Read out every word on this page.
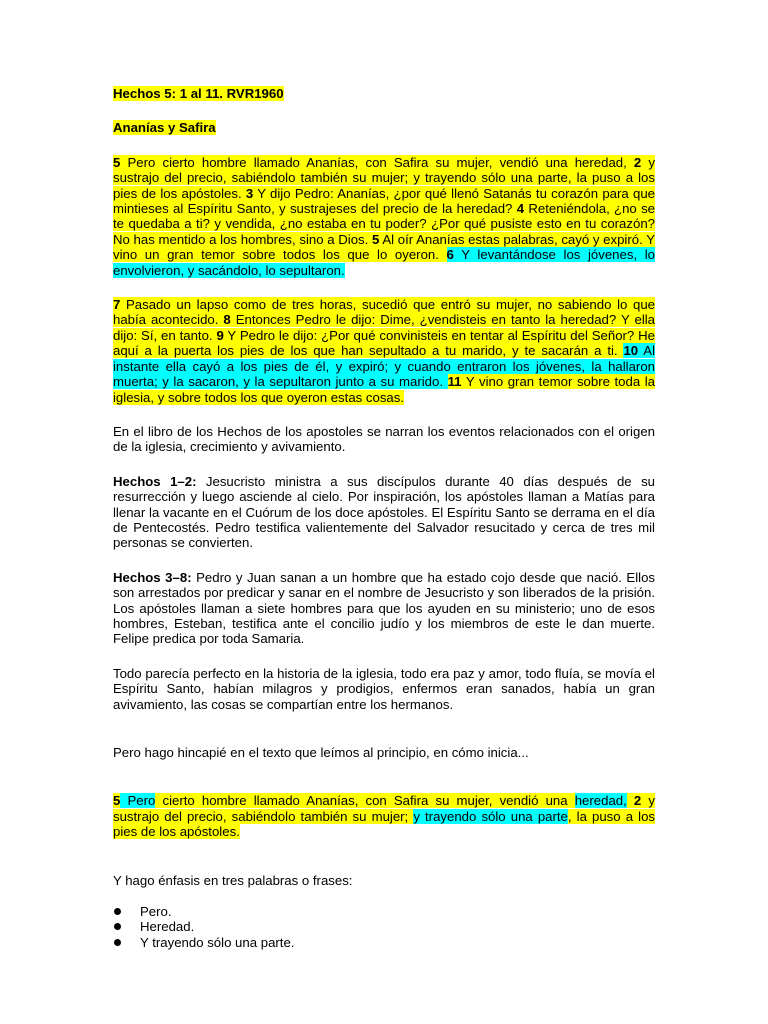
Hechos 5: 1 al 11. RVR1960

Ananías y Safira

5 Pero cierto hombre llamado Ananías, con Safira su mujer, vendió una heredad, 2 y sustrajo del precio, sabiéndolo también su mujer; y trayendo sólo una parte, la puso a los pies de los apóstoles. 3 Y dijo Pedro: Ananías, ¿por qué llenó Satanás tu corazón para que mintieses al Espíritu Santo, y sustrajeses del precio de la heredad? 4 Reteniéndola, ¿no se te quedaba a ti? y vendida, ¿no estaba en tu poder? ¿Por qué pusiste esto en tu corazón? No has mentido a los hombres, sino a Dios. 5 Al oír Ananías estas palabras, cayó y expiró. Y vino un gran temor sobre todos los que lo oyeron. 6 Y levantándose los jóvenes, lo envolvieron, y sacándolo, lo sepultaron.

7 Pasado un lapso como de tres horas, sucedió que entró su mujer, no sabiendo lo que había acontecido. 8 Entonces Pedro le dijo: Dime, ¿vendisteis en tanto la heredad? Y ella dijo: Sí, en tanto. 9 Y Pedro le dijo: ¿Por qué convinisteis en tentar al Espíritu del Señor? He aquí a la puerta los pies de los que han sepultado a tu marido, y te sacarán a ti. 10 Al instante ella cayó a los pies de él, y expiró; y cuando entraron los jóvenes, la hallaron muerta; y la sacaron, y la sepultaron junto a su marido. 11 Y vino gran temor sobre toda la iglesia, y sobre todos los que oyeron estas cosas.

En el libro de los Hechos de los apostoles se narran los eventos relacionados con el origen de la iglesia, crecimiento y avivamiento.

Hechos 1–2: Jesucristo ministra a sus discípulos durante 40 días después de su resurrección y luego asciende al cielo. Por inspiración, los apóstoles llaman a Matías para llenar la vacante en el Cuórum de los doce apóstoles. El Espíritu Santo se derrama en el día de Pentecostés. Pedro testifica valientemente del Salvador resucitado y cerca de tres mil personas se convierten.

Hechos 3–8: Pedro y Juan sanan a un hombre que ha estado cojo desde que nació. Ellos son arrestados por predicar y sanar en el nombre de Jesucristo y son liberados de la prisión. Los apóstoles llaman a siete hombres para que los ayuden en su ministerio; uno de esos hombres, Esteban, testifica ante el concilio judío y los miembros de este le dan muerte. Felipe predica por toda Samaria.

Todo parecía perfecto en la historia de la iglesia, todo era paz y amor, todo fluía, se movía el Espíritu Santo, habían milagros y prodigios, enfermos eran sanados, había un gran avivamiento, las cosas se compartían entre los hermanos.

Pero hago hincapié en el texto que leímos al principio, en cómo inicia...

5 Pero cierto hombre llamado Ananías, con Safira su mujer, vendió una heredad, 2 y sustrajo del precio, sabiéndolo también su mujer; y trayendo sólo una parte, la puso a los pies de los apóstoles.

Y hago énfasis en tres palabras o frases:

Pero.
Heredad.
Y trayendo sólo una parte.
